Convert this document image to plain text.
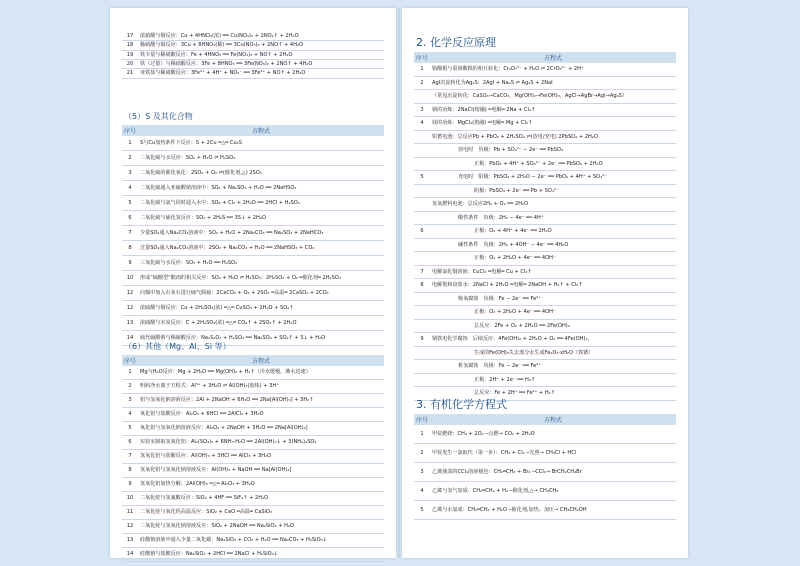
17	浓硝酸与铜反应：Cu + 4HNO₃(浓) ══ Cu(NO₃)₂ + 2NO₂↑ + 2H₂O
18	稀硝酸与铜反应：3Cu + 8HNO₃(稀) ══ 3Cu(NO₃)₂ + 2NO↑ + 4H₂O
19	铁少量与稀硝酸反应：Fe + 4HNO₃ ══ Fe(NO₃)₃ + NO↑ + 2H₂O
20	铁（过量）与稀硝酸反应：3Fe + 8HNO₃ ══ 3Fe(NO₃)₂ + 2NO↑ + 4H₂O
21	亚铁盐与稀硝酸反应：3Fe²⁺ + 4H⁺ + NO₃⁻ ══ 3Fe³⁺ + NO↑ + 2H₂O
（5）S 及其化合物
序号	方程式
1	S与Cu加热条件下反应：S + 2Cu ═△═ Cu₂S
2	二氧化硫与水反应：SO₂ + H₂O ⇌ H₂SO₃
3	二氧化硫的催化氧化：2SO₂ + O₂ ⇌(催化剂,△) 2SO₃
4	二氧化硫通入亚硫酸钠溶液中：SO₂ + Na₂SO₃ + H₂O ══ 2NaHSO₃
5	二氧化硫与氯气同时通入水中：SO₂ + Cl₂ + 2H₂O ══ 2HCl + H₂SO₄
6	二氧化硫与硫化氢反应：SO₂ + 2H₂S ══ 3S↓ + 2H₂O
7	少量SO₂通入Na₂CO₃溶液中：SO₂ + H₂O + 2Na₂CO₃ ══ Na₂SO₃ + 2NaHCO₃
8	过量SO₂通入Na₂CO₃溶液中：2SO₂ + Na₂CO₃ + H₂O ══ 2NaHSO₃ + CO₂
9	三氧化硫与水反应：SO₃ + H₂O ══ H₂SO₄
10	形成“硫酸型”酸雨的相关反应：SO₂ + H₂O ⇌ H₂SO₃；2H₂SO₃ + O₂ ═催化剂═ 2H₂SO₄
12	向煤中加入石灰石进行硫气脱硫：2CaCO₃ + O₂ + 2SO₂ ═高温═ 2CaSO₄ + 2CO₂
12	浓硫酸与铜反应：Cu + 2H₂SO₄(浓) ═△═ CuSO₄ + 2H₂O + SO₂↑
13	浓硫酸与木炭反应：C + 2H₂SO₄(浓) ═△═ CO₂↑ + 2SO₂↑ + 2H₂O
14	硫代硫酸钠与稀硫酸反应：Na₂S₂O₃ + H₂SO₄ ══ Na₂SO₄ + SO₂↑ + S↓ + H₂O
（6）其他（Mg、Al、Si 等）
序号	方程式
1	Mg与H₂O反应：Mg + 2H₂O ══ Mg(OH)₂ + H₂↑（冷水缓慢，沸水迅速）
2	明矾净水离子方程式：Al³⁺ + 3H₂O ⇌ Al(OH)₃(胶体) + 3H⁺
3	铝与氢氧化钠溶液反应：2Al + 2NaOH + 6H₂O ══ 2Na[Al(OH)₄] + 3H₂↑
4	氧化铝与盐酸反应：Al₂O₃ + 6HCl ══ 2AlCl₃ + 3H₂O
5	氧化铝与氢氧化钠溶液反应：Al₂O₃ + 2NaOH + 3H₂O ══ 2Na[Al(OH)₄]
6	实验室制取氢氧化铝：Al₂(SO₄)₃ + 6NH₃·H₂O ══ 2Al(OH)₃↓ + 3(NH₄)₂SO₄
7	氢氧化铝与盐酸反应：Al(OH)₃ + 3HCl ══ AlCl₃ + 3H₂O
8	氢氧化铝与氢氧化钠溶液反应：Al(OH)₃ + NaOH ══ Na[Al(OH)₄]
9	氢氧化铝加热分解：2Al(OH)₃ ═△═ Al₂O₃ + 3H₂O
10	二氧化硅与氢氟酸反应：SiO₂ + 4HF ══ SiF₄↑ + 2H₂O
11	二氧化硅与氧化钙高温反应：SiO₂ + CaO ═高温═ CaSiO₃
12	二氧化硅与氢氧化钠溶液反应：SiO₂ + 2NaOH ══ Na₂SiO₃ + H₂O
13	硅酸钠溶液中通入少量二氧化碳：Na₂SiO₃ + CO₂ + H₂O ══ Na₂CO₃ + H₂SiO₃↓
14	硅酸钠与盐酸反应：Na₂SiO₃ + 2HCl ══ 2NaCl + H₂SiO₃↓
2. 化学反应原理
序号	方程式
1	铬酸根与重铬酸根的相互转化：Cr₂O₇²⁻ + H₂O ⇌ 2CrO₄²⁻ + 2H⁺
2	AgI沉淀转化为Ag₂S：2AgI + Na₂S ⇌ Ag₂S + 2NaI
	（常见沉淀转化：CaSO₄→CaCO₃，Mg(OH)₂→Fe(OH)₃，AgCl→AgBr→AgI→Ag₂S）
3	钠的冶炼：2NaCl(熔融) ═电解═ 2Na + Cl₂↑
4	镁的冶炼：MgCl₂(熔融) ═电解═ Mg + Cl₂↑
	铅蓄电池：总反应Pb + PbO₂ + 2H₂SO₄ ⇌(放电/充电) 2PbSO₄ + 2H₂O
	放电时　负极：Pb + SO₄²⁻ − 2e⁻ ══ PbSO₄
	正极：PbO₂ + 4H⁺ + SO₄²⁻ + 2e⁻ ══ PbSO₄ + 2H₂O
5	充电时　阳极：PbSO₄ + 2H₂O − 2e⁻ ══ PbO₂ + 4H⁺ + SO₄²⁻
	阴极：PbSO₄ + 2e⁻ ══ Pb + SO₄²⁻
	氢氧燃料电池：总反应2H₂ + O₂ ══ 2H₂O
	酸性条件　负极：2H₂ − 4e⁻ ══ 4H⁺
6	正极：O₂ + 4H⁺ + 4e⁻ ══ 2H₂O
	碱性条件　负极：2H₂ + 4OH⁻ − 4e⁻ ══ 4H₂O
	正极：O₂ + 2H₂O + 4e⁻ ══ 4OH⁻
7	电解氯化铜溶液：CuCl₂ ═电解═ Cu + Cl₂↑
8	电解饱和食盐水：2NaCl + 2H₂O ═电解═ 2NaOH + H₂↑ + Cl₂↑
	吸氧腐蚀　负极：Fe − 2e⁻ ══ Fe²⁺
	正极：O₂ + 2H₂O + 4e⁻ ══ 4OH⁻
	总反应：2Fe + O₂ + 2H₂O ══ 2Fe(OH)₂
9	钢铁电化学腐蚀　后续反应：4Fe(OH)₂ + 2H₂O + O₂ ══ 4Fe(OH)₃，
	生成的Fe(OH)₃失去部分水生成Fe₂O₃·xH₂O（铁锈）
	析氢腐蚀　负极：Fe − 2e⁻ ══ Fe²⁺
	正极：2H⁺ + 2e⁻ ══ H₂↑
	总反应：Fe + 2H⁺ ══ Fe²⁺ + H₂↑
3. 有机化学方程式
序号	方程式
1	甲烷燃烧：CH₄ + 2O₂ ─点燃→ CO₂ + 2H₂O
2	甲烷发生一氯取代（第一步）：CH₄ + Cl₂ ─光照→ CH₃Cl + HCl
3	乙烯使溴的CCl₄溶液褪色：CH₂═CH₂ + Br₂ ─CCl₄→ BrCH₂CH₂Br
4	乙烯与氢气加成：CH₂═CH₂ + H₂ ─催化剂,△→ CH₃CH₃
5	乙烯与水加成：CH₂═CH₂ + H₂O ─催化剂,加热、加压→ CH₃CH₂OH
